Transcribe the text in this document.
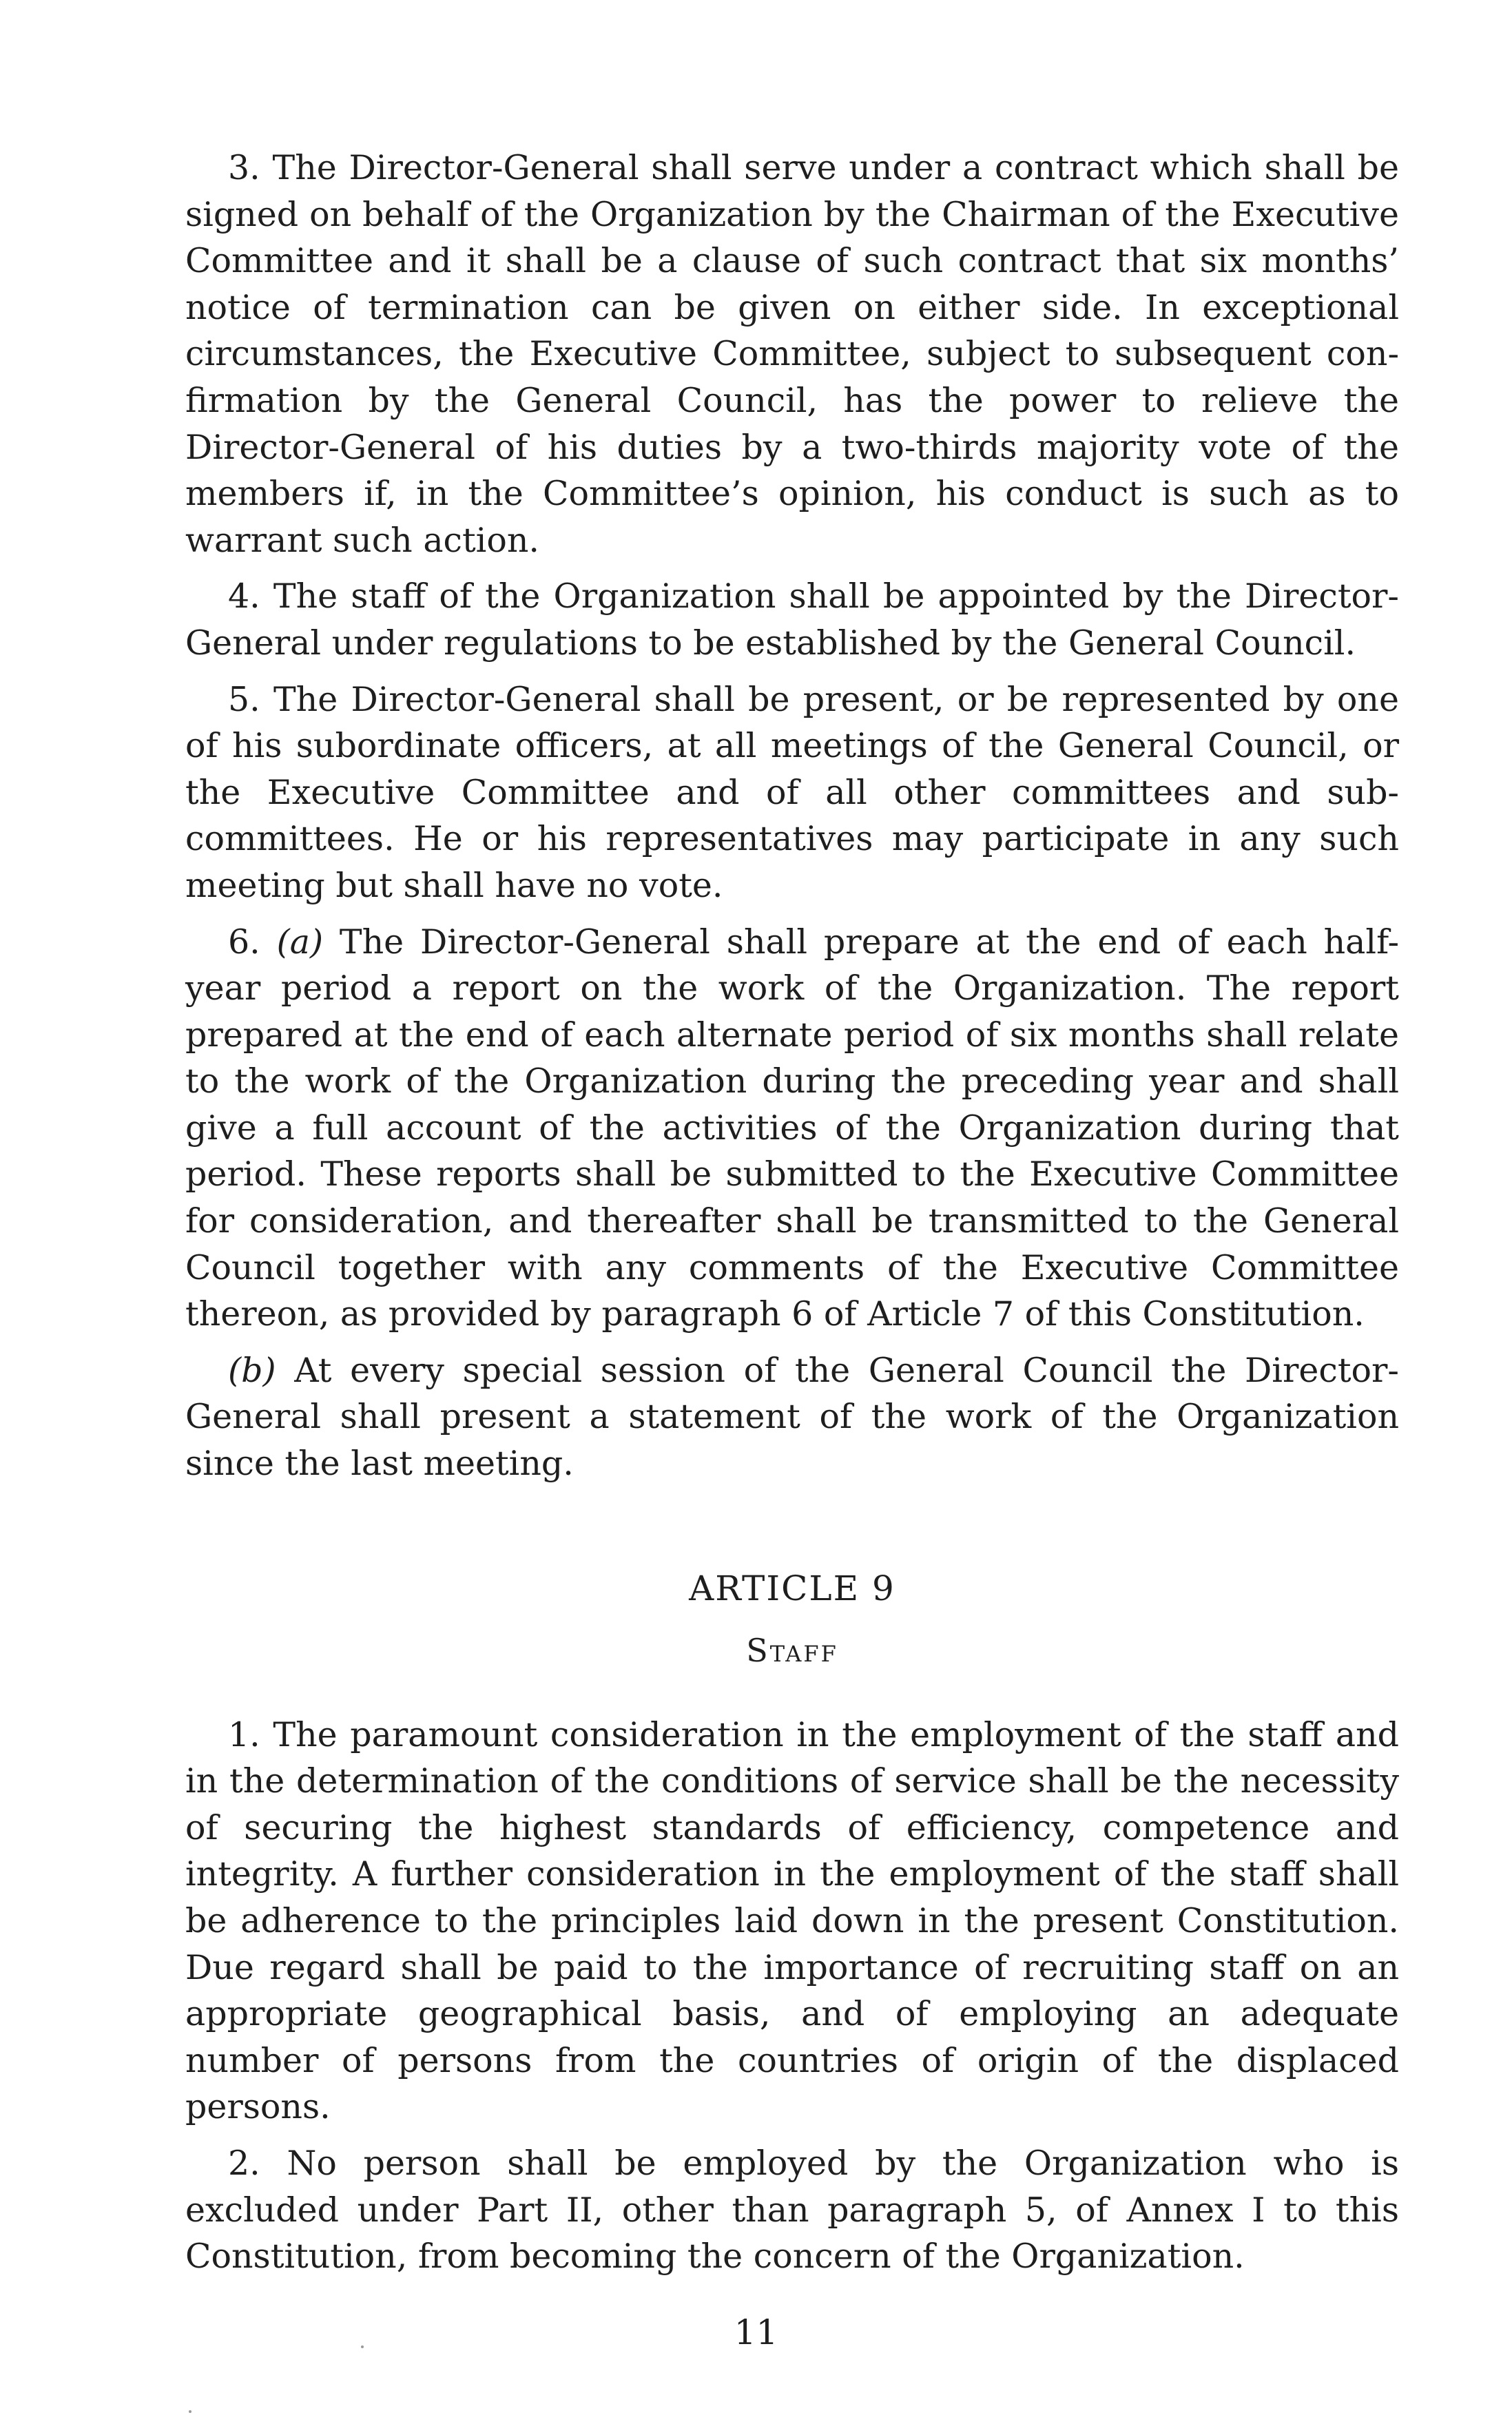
3. The Director-General shall serve under a contract which shall be signed on behalf of the Organization by the Chairman of the Executive Committee and it shall be a clause of such contract that six months’ notice of termination can be given on either side. In exceptional circumstances, the Executive Committee, subject to subsequent confirmation by the General Council, has the power to relieve the Director-General of his duties by a two-thirds majority vote of the members if, in the Committee’s opinion, his conduct is such as to warrant such action.

4. The staff of the Organization shall be appointed by the Director-General under regulations to be established by the General Council.

5. The Director-General shall be present, or be represented by one of his subordinate officers, at all meetings of the General Council, or the Executive Committee and of all other committees and sub-committees. He or his representatives may participate in any such meeting but shall have no vote.

6. (a) The Director-General shall prepare at the end of each half-year period a report on the work of the Organization. The report prepared at the end of each alternate period of six months shall relate to the work of the Organization during the preceding year and shall give a full account of the activities of the Organization during that period. These reports shall be submitted to the Executive Committee for consideration, and thereafter shall be transmitted to the General Council together with any comments of the Executive Committee thereon, as provided by paragraph 6 of Article 7 of this Constitution.

(b) At every special session of the General Council the Director-General shall present a statement of the work of the Organization since the last meeting.

ARTICLE 9

Staff

1. The paramount consideration in the employment of the staff and in the determination of the conditions of service shall be the necessity of securing the highest standards of efficiency, competence and integrity. A further consideration in the employment of the staff shall be adherence to the principles laid down in the present Constitution. Due regard shall be paid to the importance of recruiting staff on an appropriate geographical basis, and of employing an adequate number of persons from the countries of origin of the displaced persons.

2. No person shall be employed by the Organization who is excluded under Part II, other than paragraph 5, of Annex I to this Constitution, from becoming the concern of the Organization.

11
